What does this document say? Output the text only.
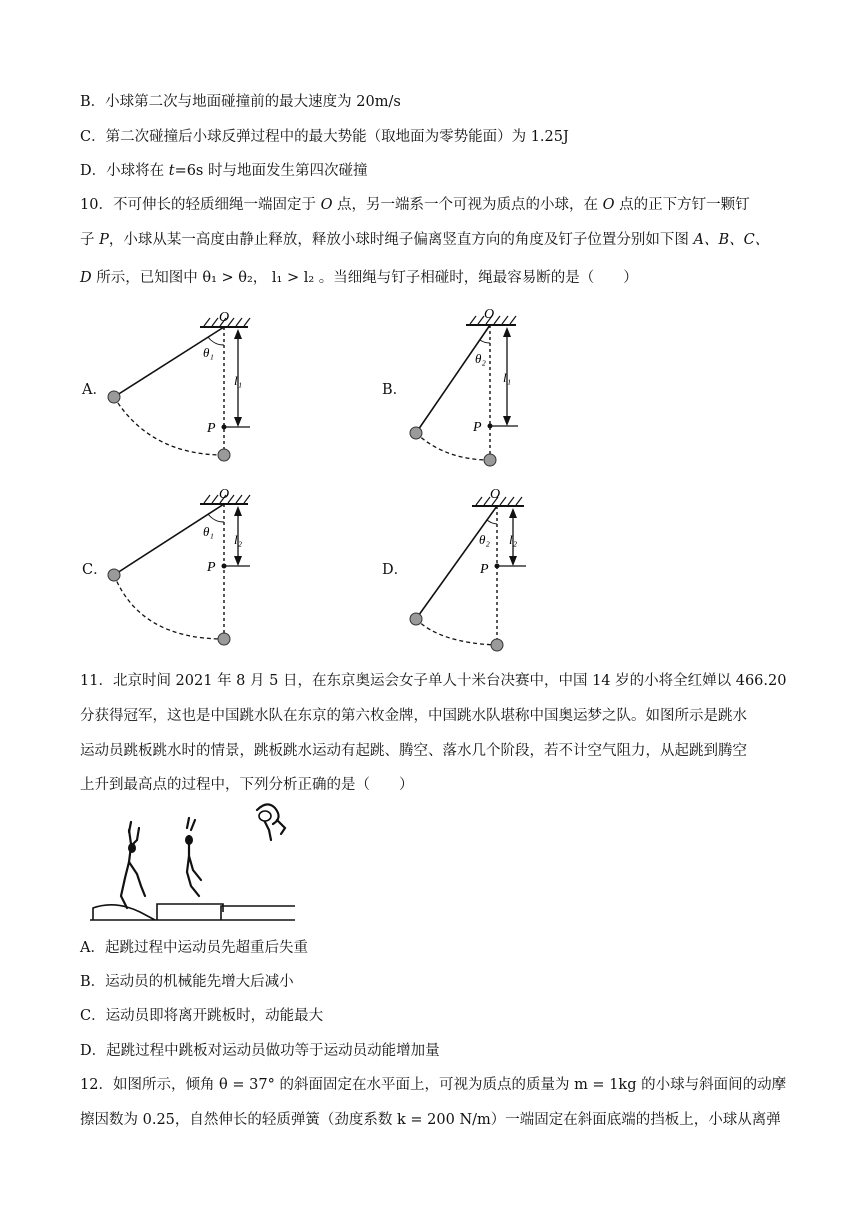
B．小球第二次与地面碰撞前的最大速度为 20m/s
C．第二次碰撞后小球反弹过程中的最大势能（取地面为零势能面）为 1.25J
D．小球将在 t=6s 时与地面发生第四次碰撞
10．不可伸长的轻质细绳一端固定于 O 点，另一端系一个可视为质点的小球，在 O 点的正下方钉一颗钉
子 P，小球从某一高度由静止释放，释放小球时绳子偏离竖直方向的角度及钉子位置分别如下图 A、B、C、
D 所示，已知图中 θ₁ > θ₂， l₁ > l₂ 。当细绳与钉子相碰时，绳最容易断的是（　　）
A．
O
θ₁
l₁
P
B．
O
θ₂
l₁
P
C．
O
θ₁
l₂
P	D．
O
θ₂ l₂
P
11．北京时间 2021 年 8 月 5 日，在东京奥运会女子单人十米台决赛中，中国 14 岁的小将全红婵以 466.20
分获得冠军，这也是中国跳水队在东京的第六枚金牌，中国跳水队堪称中国奥运梦之队。如图所示是跳水
运动员跳板跳水时的情景，跳板跳水运动有起跳、腾空、落水几个阶段，若不计空气阻力，从起跳到腾空
上升到最高点的过程中，下列分析正确的是（　　）
A．起跳过程中运动员先超重后失重
B．运动员的机械能先增大后减小
C．运动员即将离开跳板时，动能最大
D．起跳过程中跳板对运动员做功等于运动员动能增加量
12．如图所示，倾角 θ = 37° 的斜面固定在水平面上，可视为质点的质量为 m = 1kg 的小球与斜面间的动摩
擦因数为 0.25，自然伸长的轻质弹簧（劲度系数 k = 200 N/m）一端固定在斜面底端的挡板上，小球从离弹
